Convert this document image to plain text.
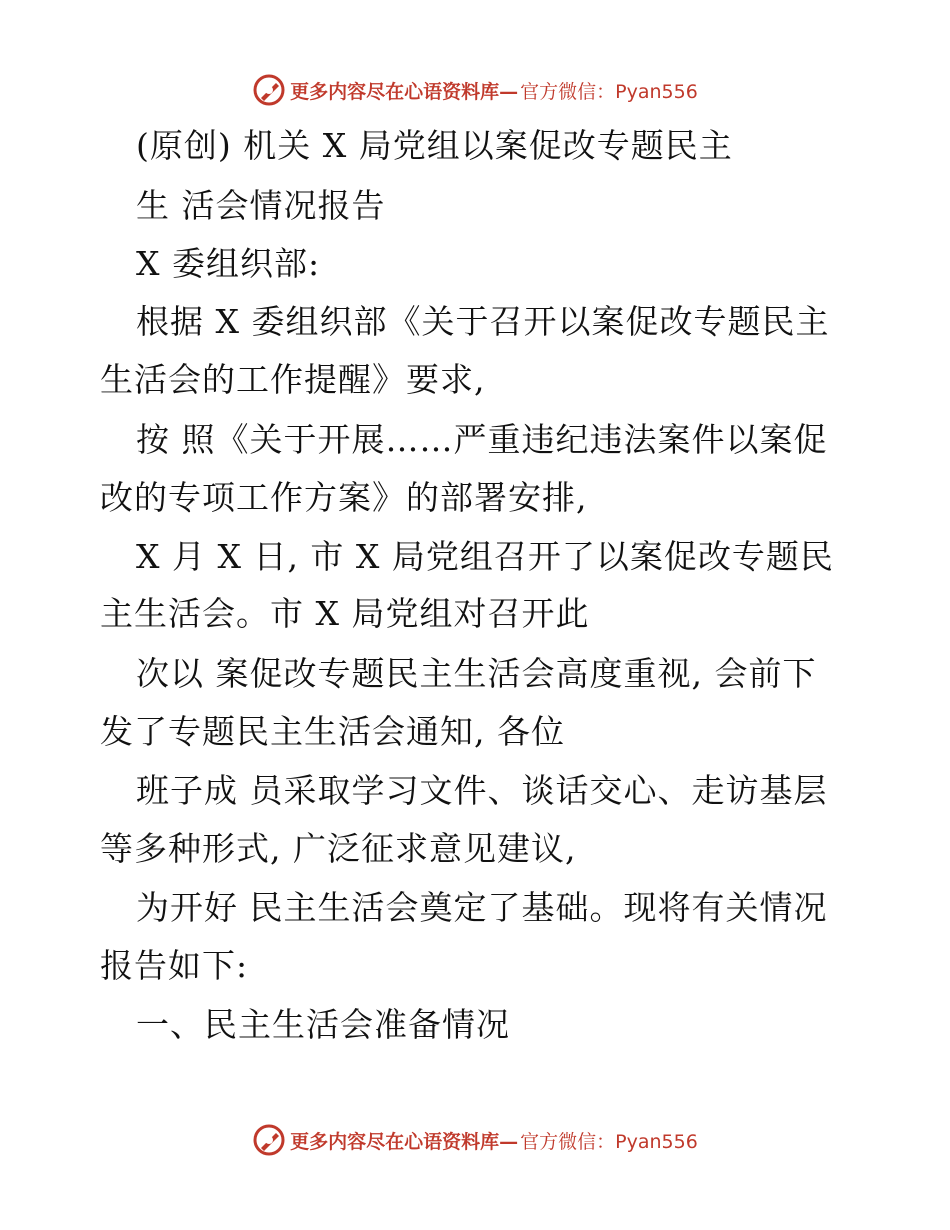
更多内容尽在心语资料库— 官方微信：Pyan556
(原创) 机关 X 局党组以案促改专题民主
生 活会情况报告
X 委组织部:
根据 X 委组织部《关于召开以案促改专题民主
生活会的工作提醒》要求,
按 照《关于开展……严重违纪违法案件以案促
改的专项工作方案》的部署安排,
X 月 X 日, 市 X 局党组召开了以案促改专题民
主生活会。市 X 局党组对召开此
次以 案促改专题民主生活会高度重视, 会前下
发了专题民主生活会通知, 各位
班子成 员采取学习文件、谈话交心、走访基层
等多种形式, 广泛征求意见建议,
为开好 民主生活会奠定了基础。现将有关情况
报告如下:
一、民主生活会准备情况
更多内容尽在心语资料库— 官方微信：Pyan556
